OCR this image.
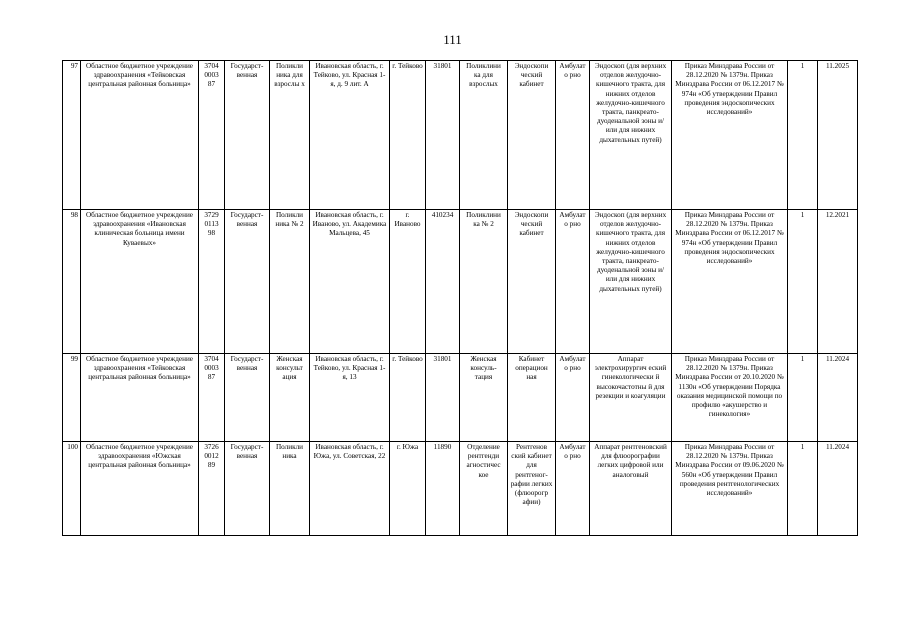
111
97	Областное бюджетное учреждение здравоохранения «Тейковская центральная районная больница»	3704 0003 87	Государст-венная	Поликли ника для взрослы х	Ивановская область, г. Тейково, ул. Красная 1-я, д. 9 лит. А	г. Тейково	31801	Поликлини ка для взрослых	Эндоскопи ческий кабинет	Амбулато рно	Эндоскоп (для верхних отделов желудочно-кишечного тракта, для нижних отделов желудочно-кишечного тракта, панкреато-дуоденальной зоны и/или для нижних дыхательных путей)	Приказ Минздрава России от 28.12.2020 № 1379н. Приказ Минздрава России от 06.12.2017 № 974н «Об утверждении Правил проведения эндоскопических исследований»	1	11.2025
98	Областное бюджетное учреждение здравоохранения «Ивановская клиническая больница имени Куваевых»	3729 0113 98	Государст-венная	Поликли ника № 2	Ивановская область, г. Иваново, ул. Академика Мальцева, 45	г. Иваново	410234	Поликлини ка № 2	Эндоскопи ческий кабинет	Амбулато рно	Эндоскоп (для верхних отделов желудочно-кишечного тракта, для нижних отделов желудочно-кишечного тракта, панкреато-дуоденальной зоны и/или для нижних дыхательных путей)	Приказ Минздрава России от 28.12.2020 № 1379н. Приказ Минздрава России от 06.12.2017 № 974н «Об утверждении Правил проведения эндоскопических исследований»	1	12.2021
99	Областное бюджетное учреждение здравоохранения «Тейковская центральная районная больница»	3704 0003 87	Государст-венная	Женская консульт ация	Ивановская область, г. Тейково, ул. Красная 1-я, 13	г. Тейково	31801	Женская консуль-тация	Кабинет операцион ная	Амбулато рно	Аппарат электрохирургич еский гинекологически й высокочастотны й для резекции и коагуляции	Приказ Минздрава России от 28.12.2020 № 1379н. Приказ Минздрава России от 20.10.2020 № 1130н «Об утверждении Порядка оказания медицинской помощи по профилю «акушерство и гинекология»	1	11.2024
100	Областное бюджетное учреждение здравоохранения «Южская центральная районная больница»	3726 0012 89	Государст-венная	Поликли ника	Ивановская область, г. Южа, ул. Советская, 22	г. Южа	11890	Отделение рентгенди агностичес кое	Рентгенов ский кабинет для рентгеног-рафии легких (флюорогр афии)	Амбулато рно	Аппарат рентгеновский для флюорографии легких цифровой или аналоговый	Приказ Минздрава России от 28.12.2020 № 1379н. Приказ Минздрава России от 09.06.2020 № 560н «Об утверждении Правил проведения рентгенологических исследований»	1	11.2024
